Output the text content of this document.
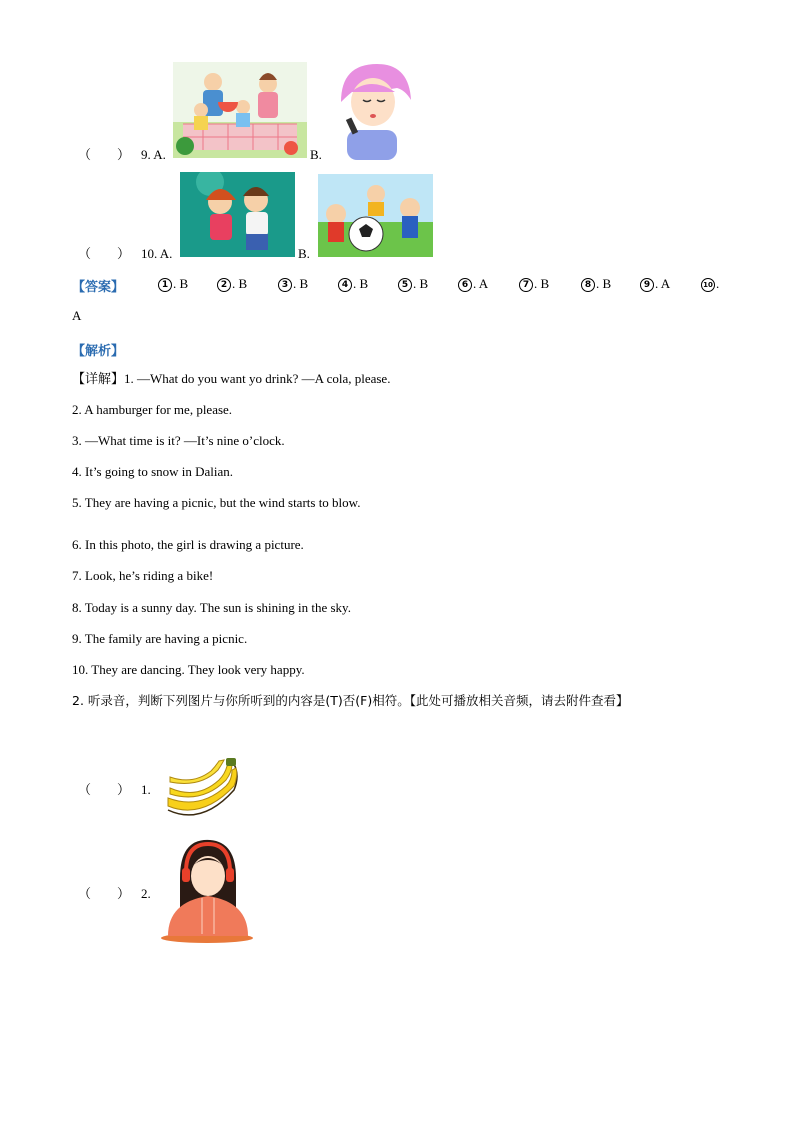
（　　） 9. A.	B.
（　　） 10. A.	B.
【答案】	1 . B	2 . B	3 . B	4 . B	5 . B	6 . A	7 . B	8 . B	9 . A	10 .
A
【解析】
【详解】1. —What do you want yo drink? —A cola, please.
2. A hamburger for me, please.
3. —What time is it? —It’s nine o’clock.
4. It’s going to snow in Dalian.
5. They are having a picnic, but the wind starts to blow.
6. In this photo, the girl is drawing a picture.
7. Look, he’s riding a bike!
8. Today is a sunny day. The sun is shining in the sky.
9. The family are having a picnic.
10. They are dancing. They look very happy.
2. 听录音，判断下列图片与你所听到的内容是(T)否(F)相符。【此处可播放相关音频，请去附件查看】
（　　） 1.
（　　） 2.
